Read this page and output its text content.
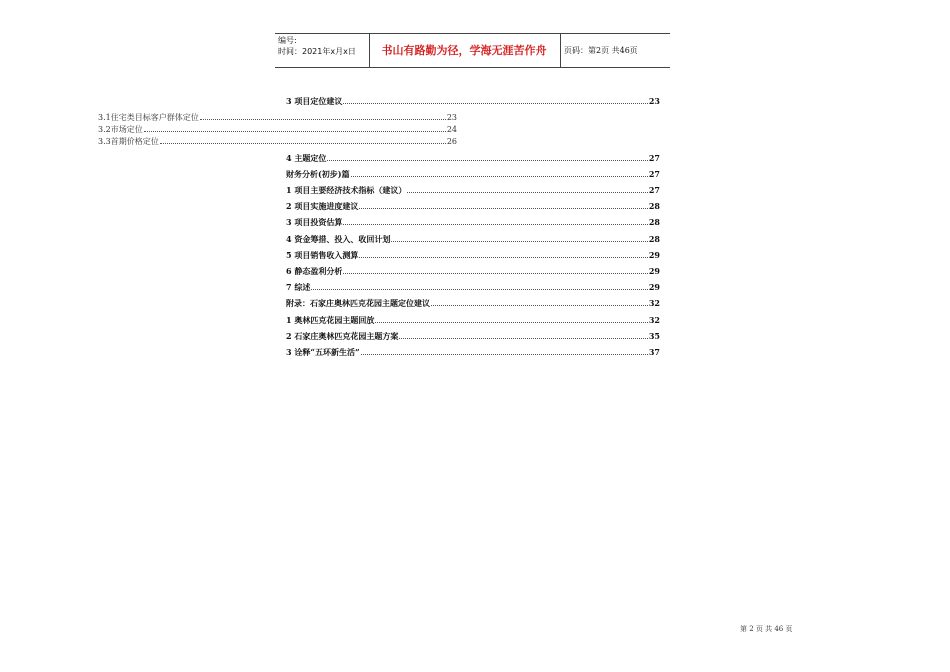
编号:
时间：2021年x月x日	书山有路勤为径，学海无涯苦作舟	页码：第2页 共46页
3 项目定位建议	23
3.1住宅类目标客户群体定位	23
3.2市场定位	24
3.3首期价格定位	26
4 主题定位	27
财务分析(初步)篇	27
1 项目主要经济技术指标（建议）	27
2 项目实施进度建议	28
3 项目投资估算	28
4 资金筹措、投入、收回计划	28
5 项目销售收入测算	29
6 静态盈利分析	29
7 综述	29
附录：石家庄奥林匹克花园主题定位建议	32
1 奥林匹克花园主题回放	32
2 石家庄奥林匹克花园主题方案	35
3 诠释“五环新生活”	37
第 2 页 共 46 页
